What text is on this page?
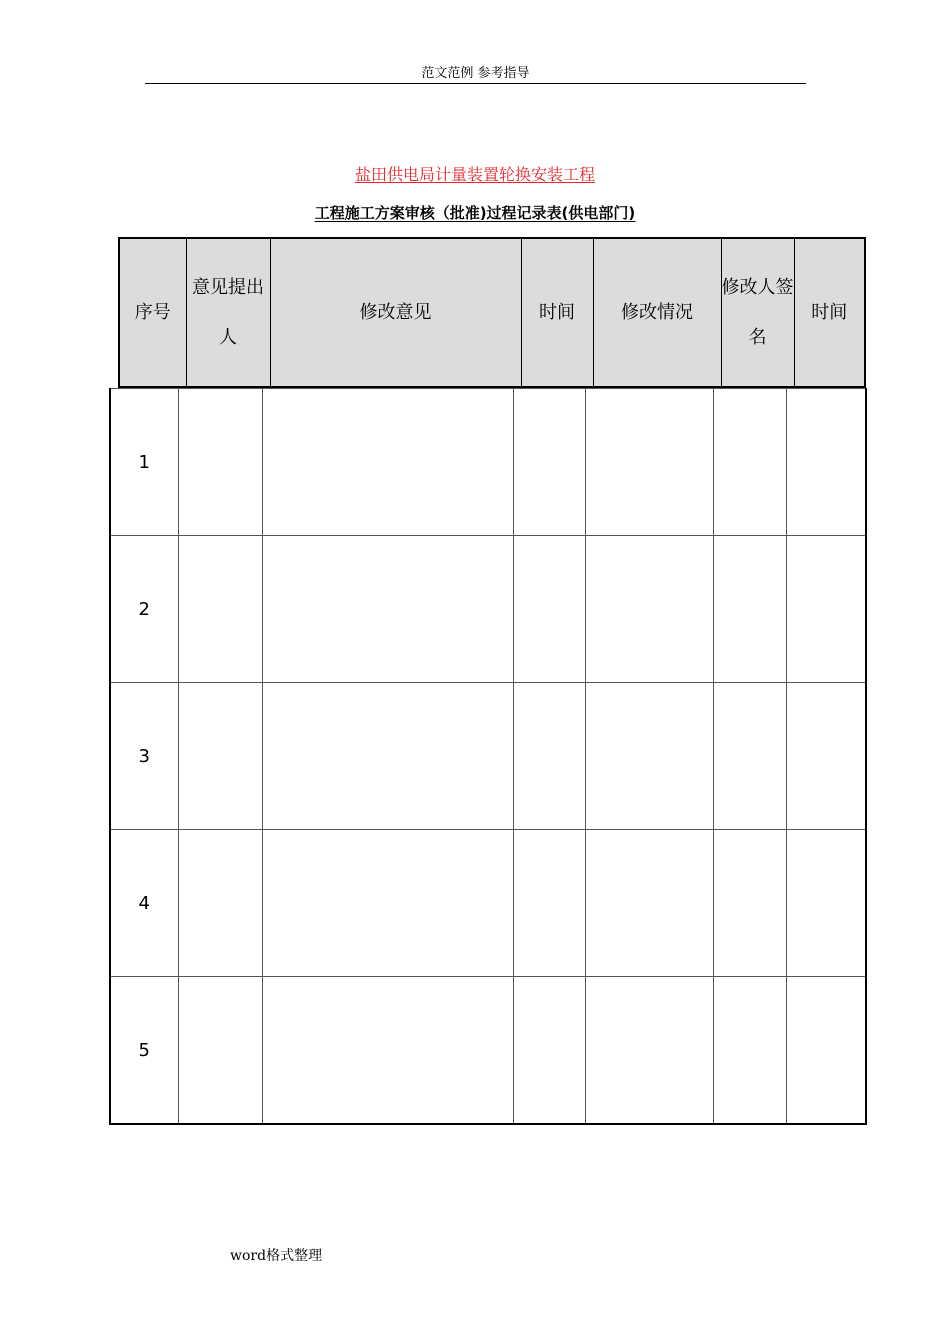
范文范例 参考指导
盐田供电局计量装置轮换安装工程
工程施工方案审核（批准)过程记录表(供电部门)
序号	意见提出人	修改意见	时间	修改情况	修改人签名	时间
1						
2						
3						
4						
5						
word格式整理
